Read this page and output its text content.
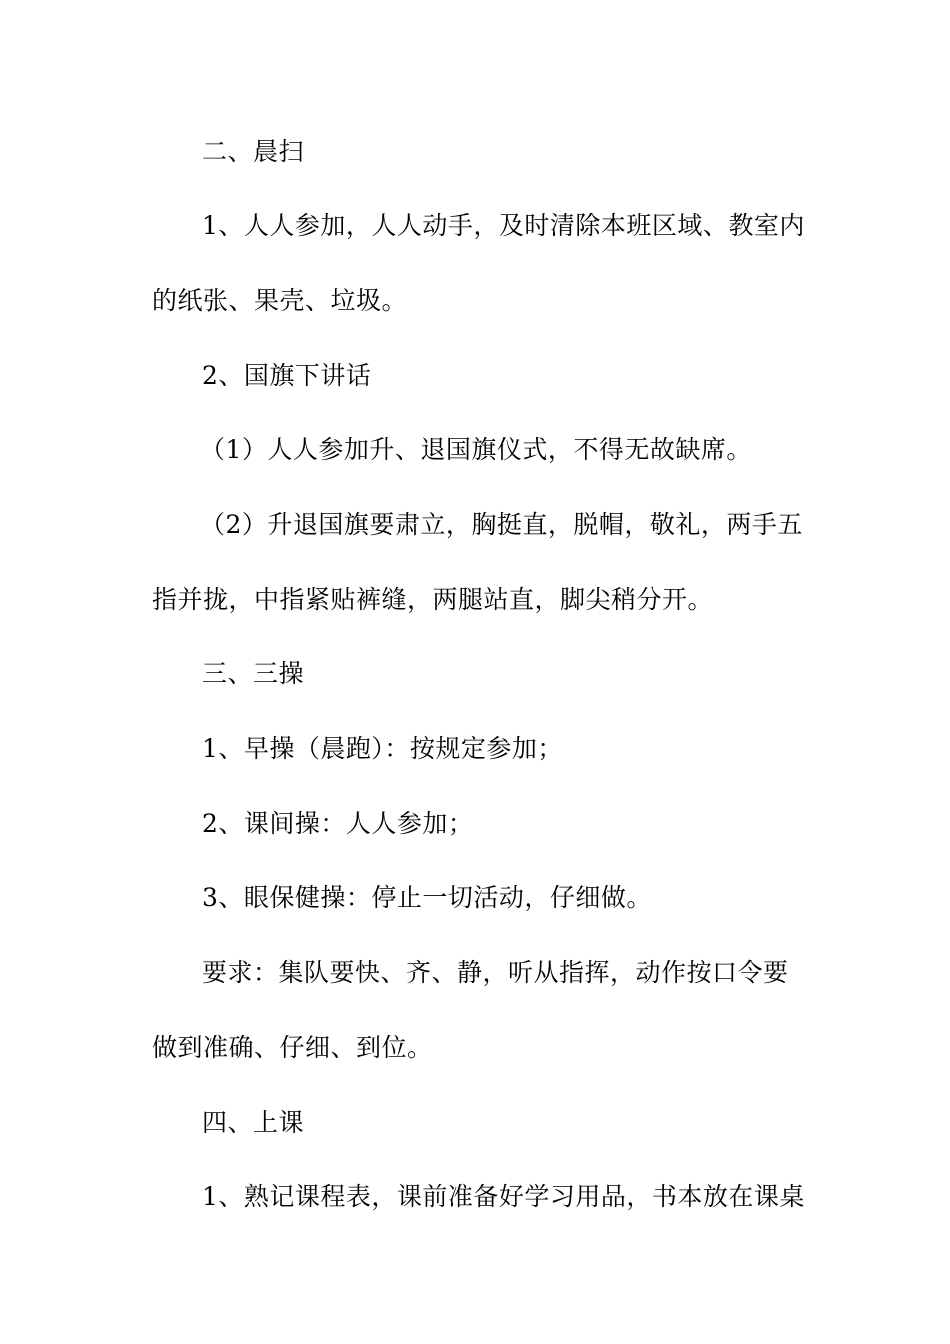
二、晨扫
1、人人参加，人人动手，及时清除本班区域、教室内
的纸张、果壳、垃圾。
2、国旗下讲话
（1）人人参加升、退国旗仪式，不得无故缺席。
（2）升退国旗要肃立，胸挺直，脱帽，敬礼，两手五
指并拢，中指紧贴裤缝，两腿站直，脚尖稍分开。
三、三操
1、早操（晨跑）：按规定参加；
2、课间操：人人参加；
3、眼保健操：停止一切活动，仔细做。
要求：集队要快、齐、静，听从指挥，动作按口令要
做到准确、仔细、到位。
四、上课
1、熟记课程表，课前准备好学习用品，书本放在课桌
